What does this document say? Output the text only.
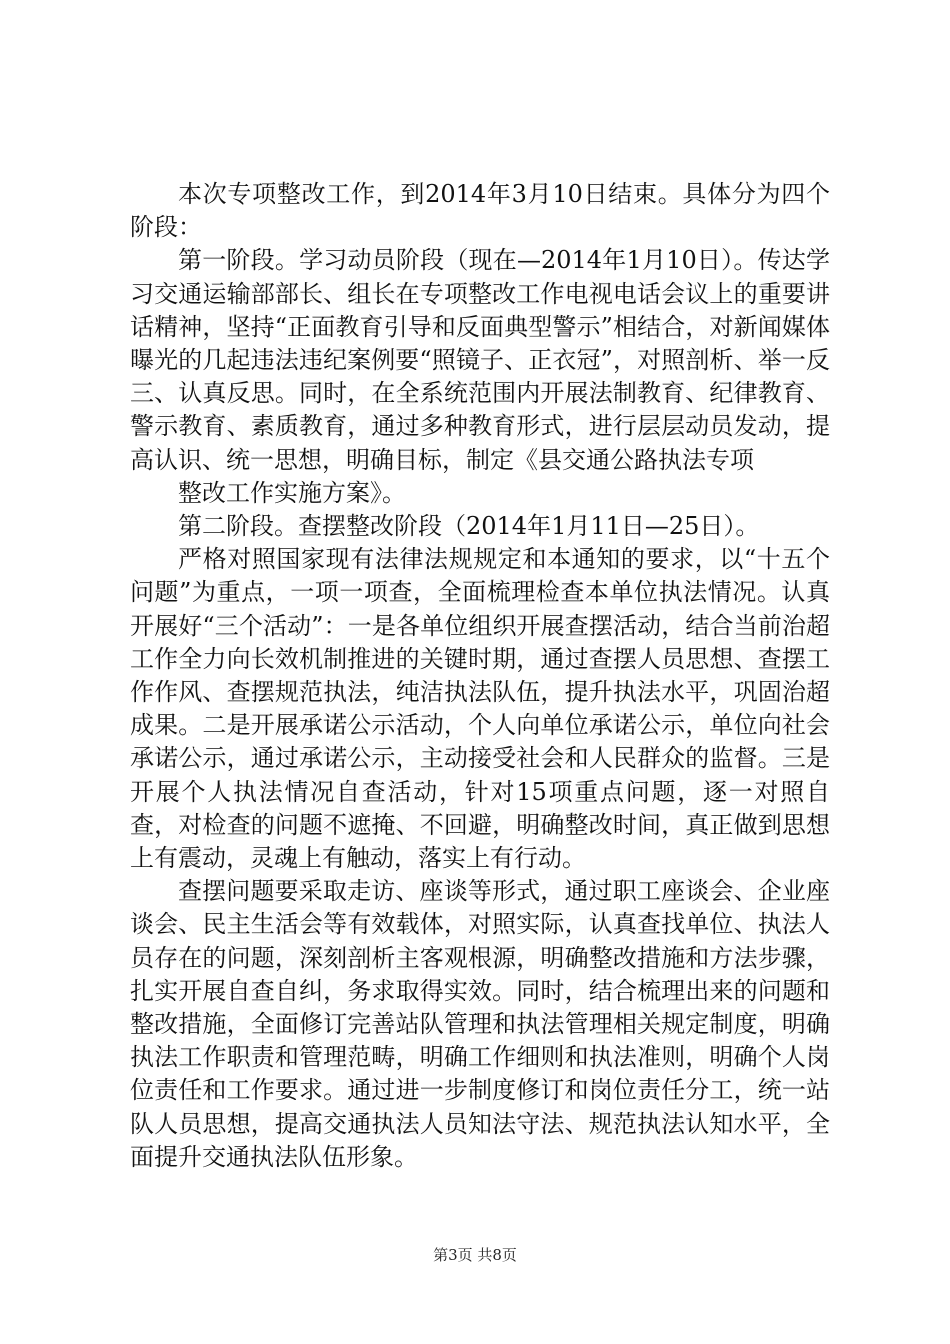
本次专项整改工作，到2014年3月10日结束。具体分为四个阶段：

第一阶段。学习动员阶段（现在—2014年1月10日）。传达学习交通运输部部长、组长在专项整改工作电视电话会议上的重要讲话精神，坚持“正面教育引导和反面典型警示”相结合，对新闻媒体曝光的几起违法违纪案例要“照镜子、正衣冠”，对照剖析、举一反三、认真反思。同时，在全系统范围内开展法制教育、纪律教育、警示教育、素质教育，通过多种教育形式，进行层层动员发动，提高认识、统一思想，明确目标，制定《县交通公路执法专项

整改工作实施方案》。

第二阶段。查摆整改阶段（2014年1月11日—25日）。

严格对照国家现有法律法规规定和本通知的要求，以“十五个问题”为重点，一项一项查，全面梳理检查本单位执法情况。认真开展好“三个活动”：一是各单位组织开展查摆活动，结合当前治超工作全力向长效机制推进的关键时期，通过查摆人员思想、查摆工作作风、查摆规范执法，纯洁执法队伍，提升执法水平，巩固治超成果。二是开展承诺公示活动，个人向单位承诺公示，单位向社会承诺公示，通过承诺公示，主动接受社会和人民群众的监督。三是开展个人执法情况自查活动，针对15项重点问题，逐一对照自查，对检查的问题不遮掩、不回避，明确整改时间，真正做到思想上有震动，灵魂上有触动，落实上有行动。

查摆问题要采取走访、座谈等形式，通过职工座谈会、企业座谈会、民主生活会等有效载体，对照实际，认真查找单位、执法人员存在的问题，深刻剖析主客观根源，明确整改措施和方法步骤，扎实开展自查自纠，务求取得实效。同时，结合梳理出来的问题和整改措施，全面修订完善站队管理和执法管理相关规定制度，明确执法工作职责和管理范畴，明确工作细则和执法准则，明确个人岗位责任和工作要求。通过进一步制度修订和岗位责任分工，统一站队人员思想，提高交通执法人员知法守法、规范执法认知水平，全面提升交通执法队伍形象。

第3页 共8页
